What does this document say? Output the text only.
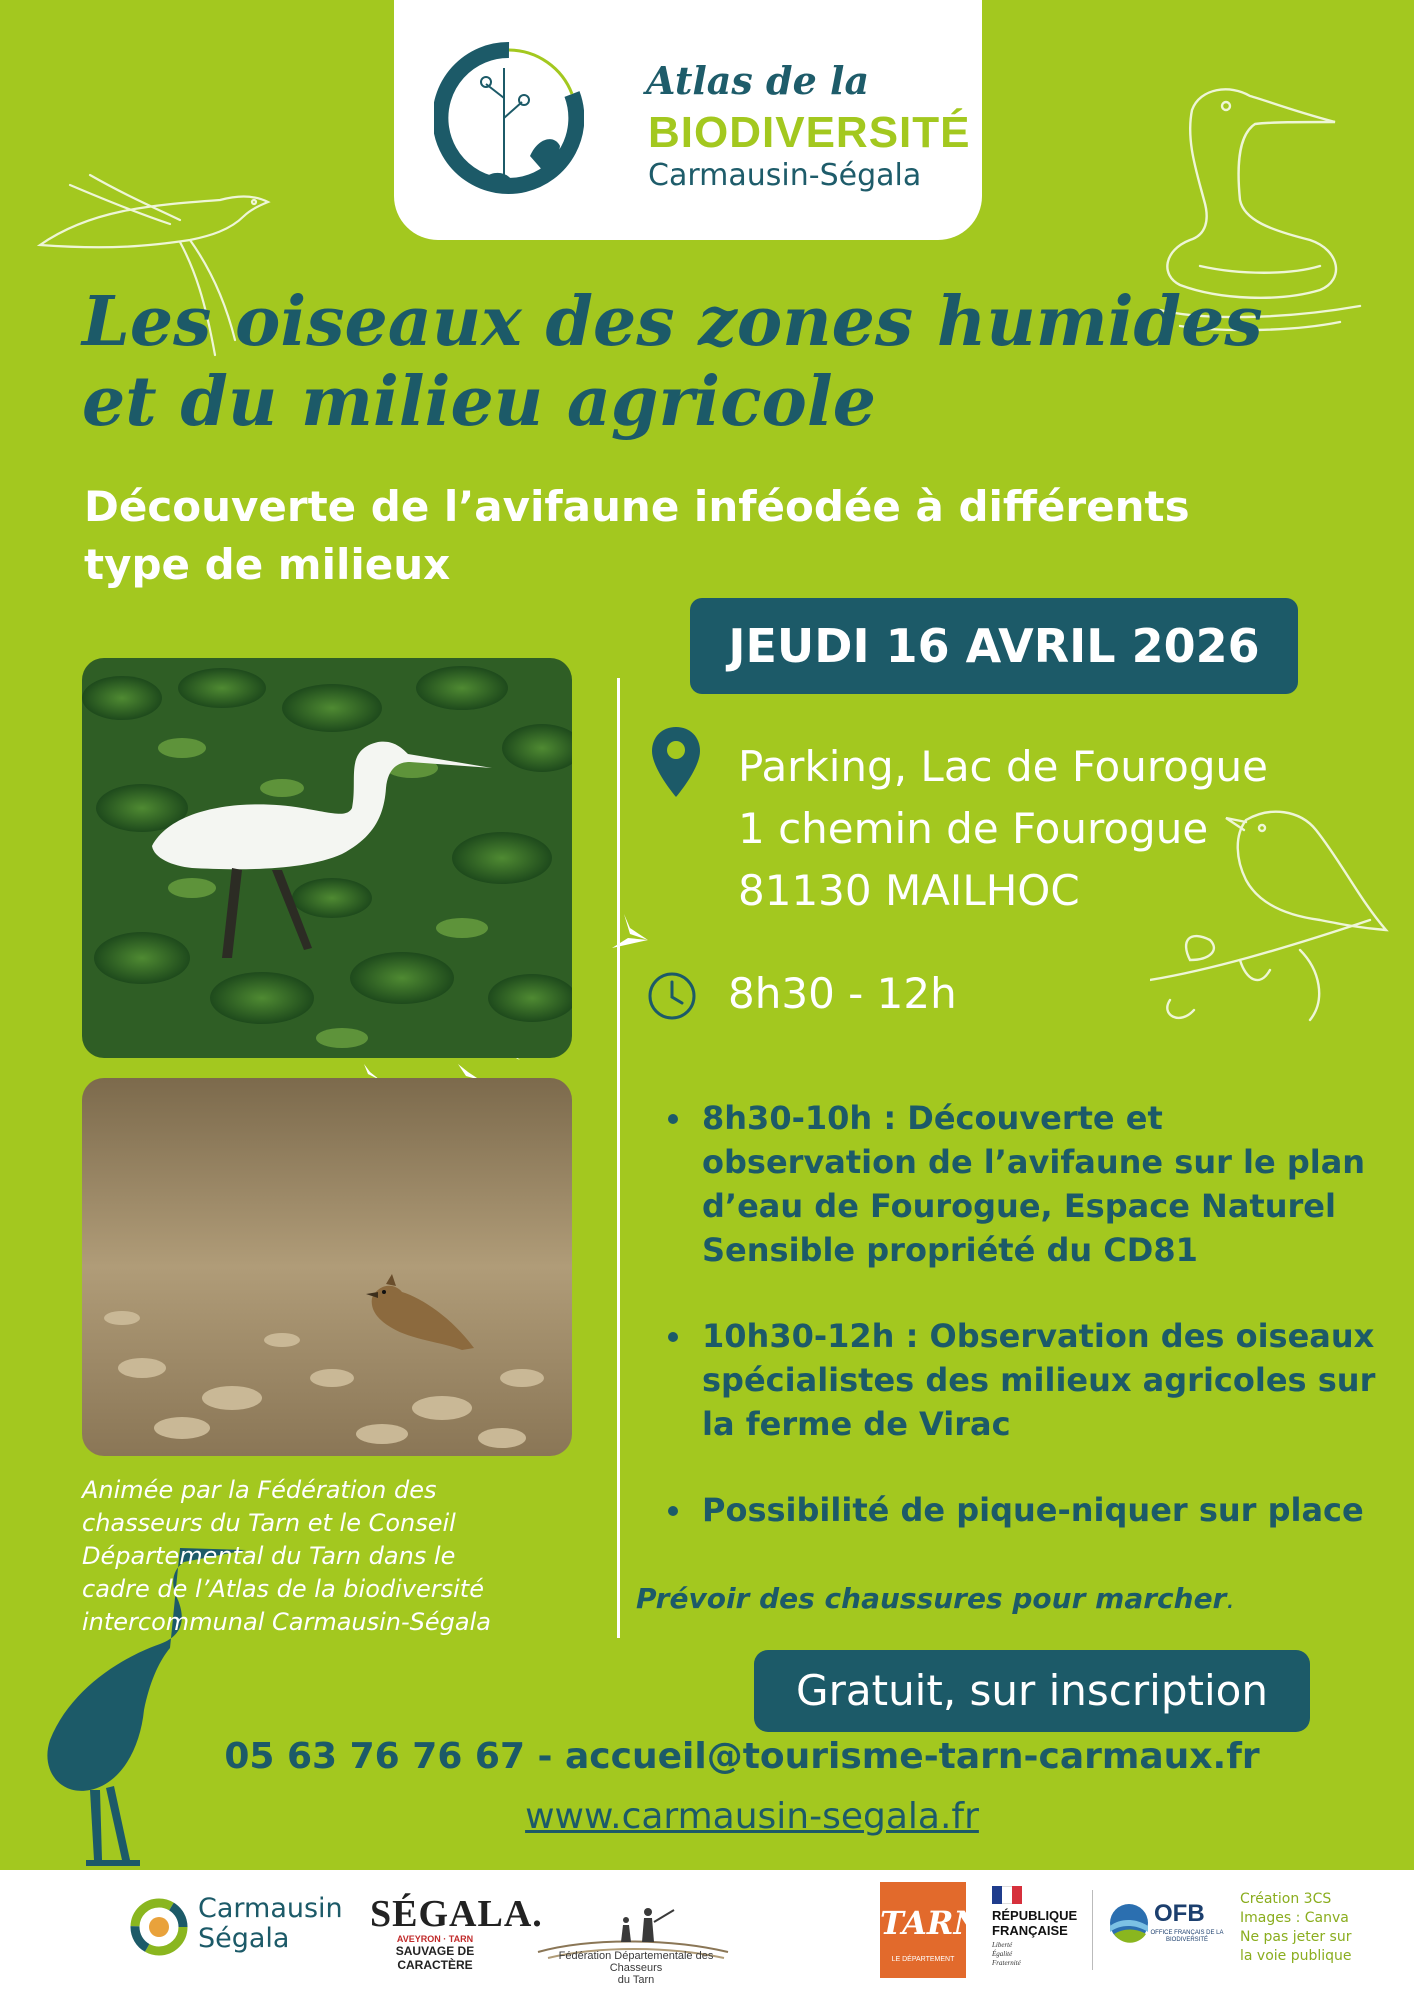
Atlas de la
BIODIVERSITÉ
Carmausin-Ségala
Les oiseaux des zones humides
et du milieu agricole

Découverte de l’avifaune inféodée à différents
type de milieux

JEUDI 16 AVRIL 2026
Parking, Lac de Fourogue
1 chemin de Fourogue
81130 MAILHOC
8h30 - 12h
8h30-10h : Découverte et
observation de l’avifaune sur le plan
d’eau de Fourogue, Espace Naturel
Sensible propriété du CD81
10h30-12h : Observation des oiseaux
spécialistes des milieux agricoles sur
la ferme de Virac
Possibilité de pique-niquer sur place
Animée par la Fédération des
chasseurs du Tarn et le Conseil
Départemental du Tarn dans le
cadre de l’Atlas de la biodiversité
intercommunal Carmausin-Ségala
Prévoir des chaussures pour marcher.
Gratuit, sur inscription
05 63 76 76 67 - accueil@tourisme-tarn-carmaux.fr
www.carmausin-segala.fr
Carmausin
Ségala
SÉGALA.
AVEYRON · TARN
SAUVAGE DE CARACTÈRE
Fédération Départementale des Chasseurs
du Tarn
TARN
LE DÉPARTEMENT
RÉPUBLIQUE
FRANÇAISE
Liberté
Égalité
Fraternité
OFB
OFFICE FRANÇAIS DE LA BIODIVERSITÉ
Création 3CS
Images : Canva
Ne pas jeter sur
la voie publique
